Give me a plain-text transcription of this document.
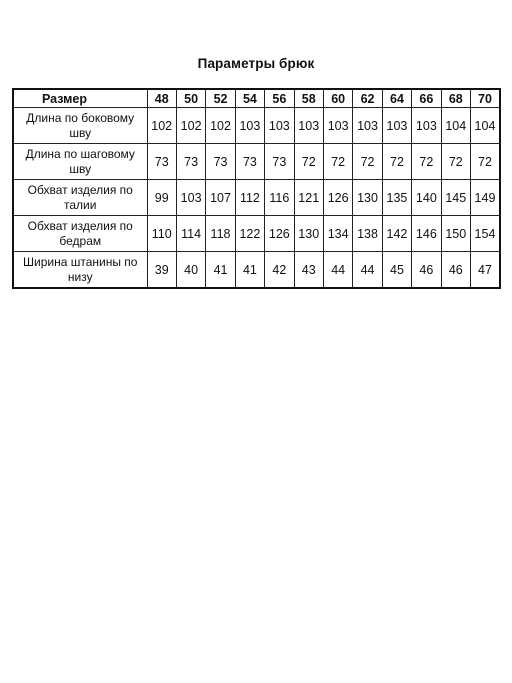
Параметры брюк
Размер	48	50	52	54	56	58	60	62	64	66	68	70
Длина по боковому шву	102	102	102	103	103	103	103	103	103	103	104	104
Длина по шаговому шву	73	73	73	73	73	72	72	72	72	72	72	72
Обхват изделия по талии	99	103	107	112	116	121	126	130	135	140	145	149
Обхват изделия по бедрам	110	114	118	122	126	130	134	138	142	146	150	154
Ширина штанины по низу	39	40	41	41	42	43	44	44	45	46	46	47
